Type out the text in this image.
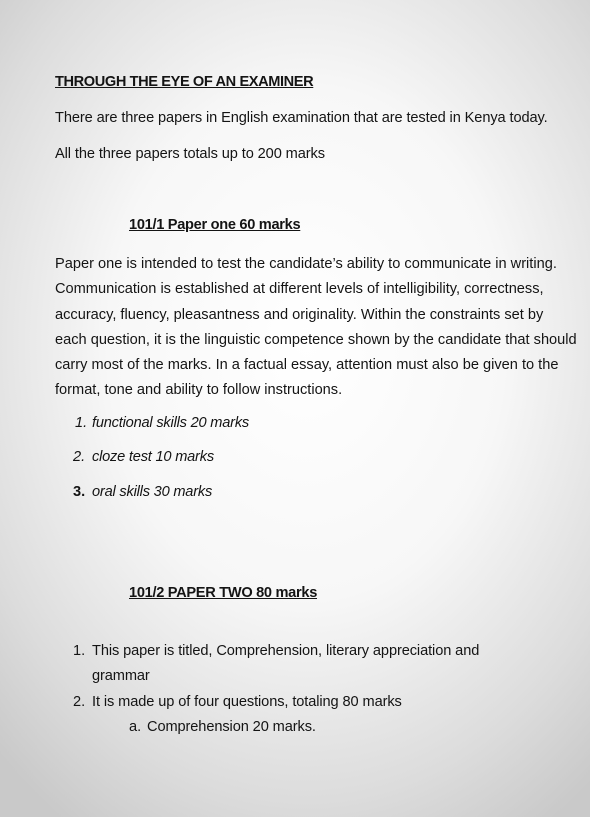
THROUGH THE EYE OF AN EXAMINER

There are three papers in English examination that are tested in Kenya today.

All the three papers totals up to 200 marks

101/1 Paper one 60 marks

Paper one is intended to test the candidate’s ability to communicate in writing.
Communication is established at different levels of intelligibility, correctness,
accuracy, fluency, pleasantness and originality. Within the constraints set by
each question, it is the linguistic competence shown by the candidate that should
carry most of the marks. In a factual essay, attention must also be given to the
format, tone and ability to follow instructions.
1. functional skills 20 marks
2. cloze test 10 marks
3. oral skills 30 marks

101/2 PAPER TWO 80 marks

1. This paper is titled, Comprehension, literary appreciation and
grammar
2. It is made up of four questions, totaling 80 marks
a. Comprehension 20 marks.
